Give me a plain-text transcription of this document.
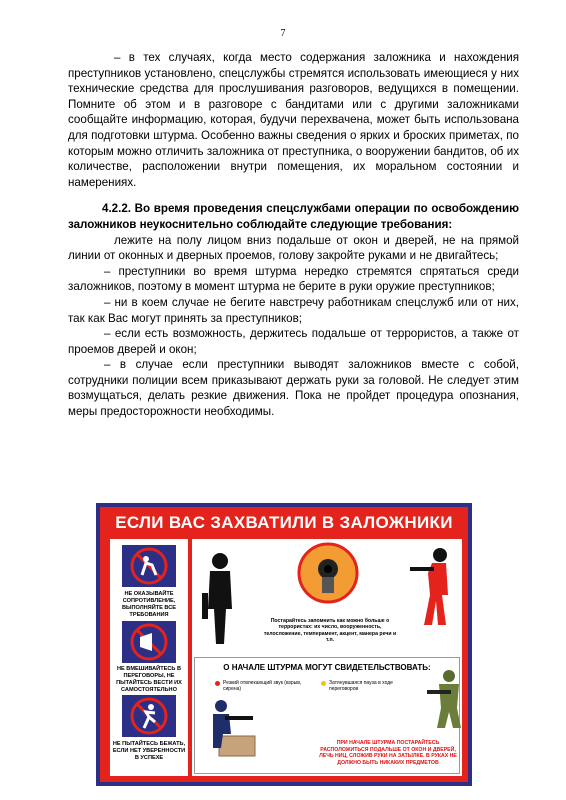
7

– в тех случаях, когда место содержания заложника и нахождения преступников установлено, спецслужбы стремятся использовать имеющиеся у них технические средства для прослушивания разговоров, ведущихся в помещении. Помните об этом и в разговоре с бандитами или с другими заложниками сообщайте информацию, которая, будучи перехвачена, может быть использована для подготовки штурма. Особенно важны сведения о ярких и броских приметах, по которым можно отличить заложника от преступника, о вооружении бандитов, об их количестве, расположении внутри помещения, их моральном состоянии и намерениях.

4.2.2. Во время проведения спецслужбами операции по освобождению заложников неукоснительно соблюдайте следующие требования:

лежите на полу лицом вниз подальше от окон и дверей, не на прямой линии от оконных и дверных проемов, голову закройте руками и не двигайтесь;

– преступники во время штурма нередко стремятся спрятаться среди заложников, поэтому в момент штурма не берите в руки оружие преступников;

– ни в коем случае не бегите навстречу работникам спецслужб или от них, так как Вас могут принять за преступников;

– если есть возможность, держитесь подальше от террористов, а также от проемов дверей и окон;

– в случае если преступники выводят заложников вместе с собой, сотрудники полиции всем приказывают держать руки за головой. Не следует этим возмущаться, делать резкие движения. Пока не пройдет процедура опознания, меры предосторожности необходимы.

ЕСЛИ ВАС ЗАХВАТИЛИ В ЗАЛОЖНИКИ
НЕ ОКАЗЫВАЙТЕ СОПРОТИВЛЕНИЕ, ВЫПОЛНЯЙТЕ ВСЕ ТРЕБОВАНИЯ
НЕ ВМЕШИВАЙТЕСЬ В ПЕРЕГОВОРЫ, НЕ ПЫТАЙТЕСЬ ВЕСТИ ИХ САМОСТОЯТЕЛЬНО
НЕ ПЫТАЙТЕСЬ БЕЖАТЬ, ЕСЛИ НЕТ УВЕРЕННОСТИ В УСПЕХЕ
Постарайтесь запомнить как можно больше о террористах: их число, вооруженность, телосложение, темперамент, акцент, манера речи и т.п.
О НАЧАЛЕ ШТУРМА МОГУТ СВИДЕТЕЛЬСТВОВАТЬ:
Резкий отвлекающий звук (взрыв, сирена)
Затянувшаяся пауза в ходе переговоров
ПРИ НАЧАЛЕ ШТУРМА ПОСТАРАЙТЕСЬ РАСПОЛОЖИТЬСЯ ПОДАЛЬШЕ ОТ ОКОН И ДВЕРЕЙ, ЛЕЧЬ НИЦ, СЛОЖИВ РУКИ НА ЗАТЫЛКЕ. В РУКАХ НЕ ДОЛЖНО БЫТЬ НИКАКИХ ПРЕДМЕТОВ
